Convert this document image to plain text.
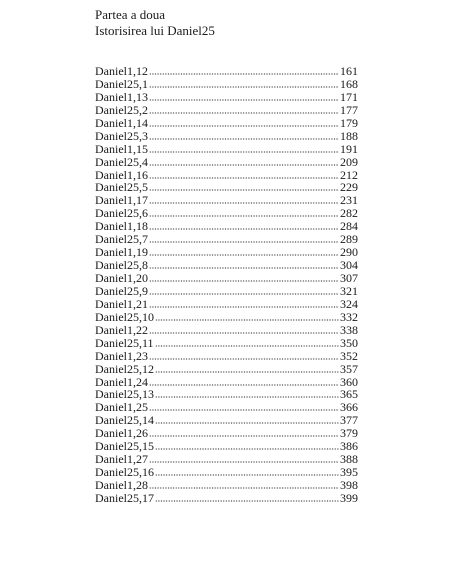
Partea a doua
Istorisirea lui Daniel25
Daniel1,12	161
Daniel25,1	168
Daniel1,13	171
Daniel25,2	177
Daniel1,14	179
Daniel25,3	188
Daniel1,15	191
Daniel25,4	209
Daniel1,16	212
Daniel25,5	229
Daniel1,17	231
Daniel25,6	282
Daniel1,18	284
Daniel25,7	289
Daniel1,19	290
Daniel25,8	304
Daniel1,20	307
Daniel25,9	321
Daniel1,21	324
Daniel25,10	332
Daniel1,22	338
Daniel25,11	350
Daniel1,23	352
Daniel25,12	357
Daniel1,24	360
Daniel25,13	365
Daniel1,25	366
Daniel25,14	377
Daniel1,26	379
Daniel25,15	386
Daniel1,27	388
Daniel25,16	395
Daniel1,28	398
Daniel25,17	399
